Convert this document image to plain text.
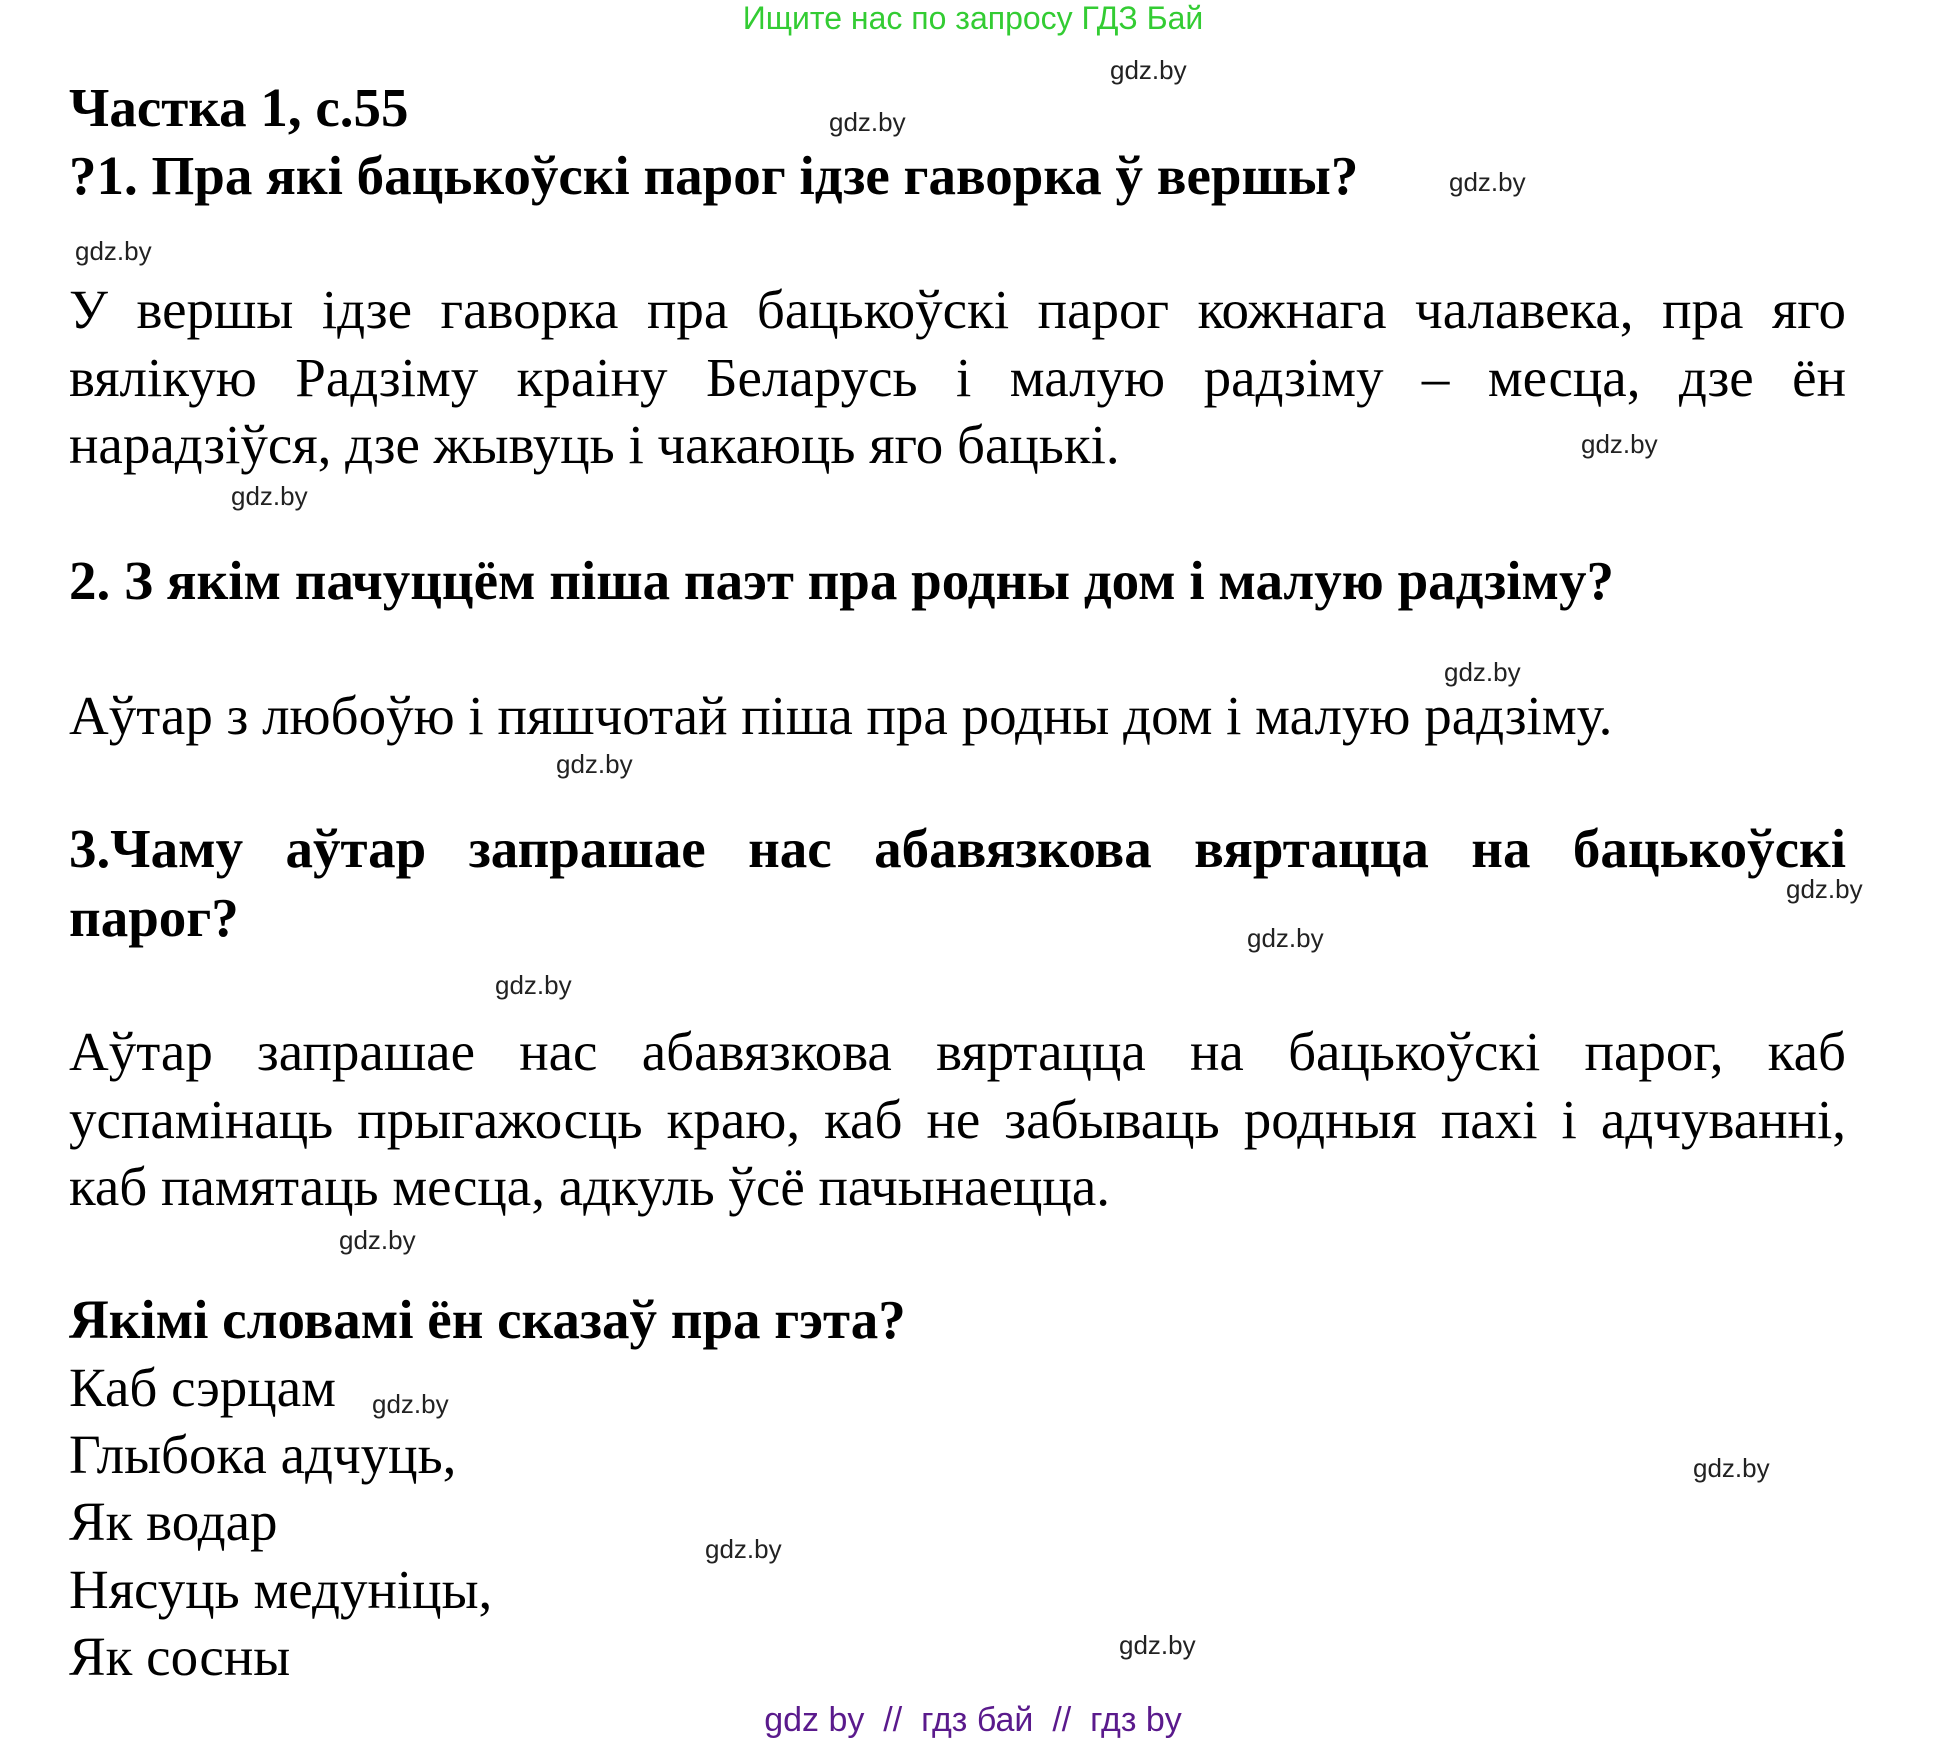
Ищите нас по запросу ГДЗ Бай
Частка 1, с.55
?1. Пра які бацькоўскі парог ідзе гаворка ў вершы?
У вершы ідзе гаворка пра бацькоўскі парог кожнага чалавека, пра яго
вялікую Радзіму краіну Беларусь і малую радзіму – месца, дзе ён
нарадзіўся, дзе жывуць і чакаюць яго бацькі.
2. З якім пачуццём піша паэт пра родны дом і малую радзіму?
Аўтар з любоўю і пяшчотай піша пра родны дом і малую радзіму.
3.Чаму аўтар запрашае нас абавязкова вяртацца на бацькоўскі
парог?
Аўтар запрашае нас абавязкова вяртацца на бацькоўскі парог, каб
успамінаць прыгажосць краю, каб не забываць родныя пахі і адчуванні,
каб памятаць месца, адкуль ўсё пачынаецца.
Якімі словамі ён сказаў пра гэта?
Каб сэрцам
Глыбока адчуць,
Як водар
Нясуць медуніцы,
Як сосны
gdz.by
gdz.by
gdz.by
gdz.by
gdz.by
gdz.by
gdz.by
gdz.by
gdz.by
gdz.by
gdz.by
gdz.by
gdz.by
gdz.by
gdz.by
gdz.by
gdz by  //  гдз бай  //  гдз by
